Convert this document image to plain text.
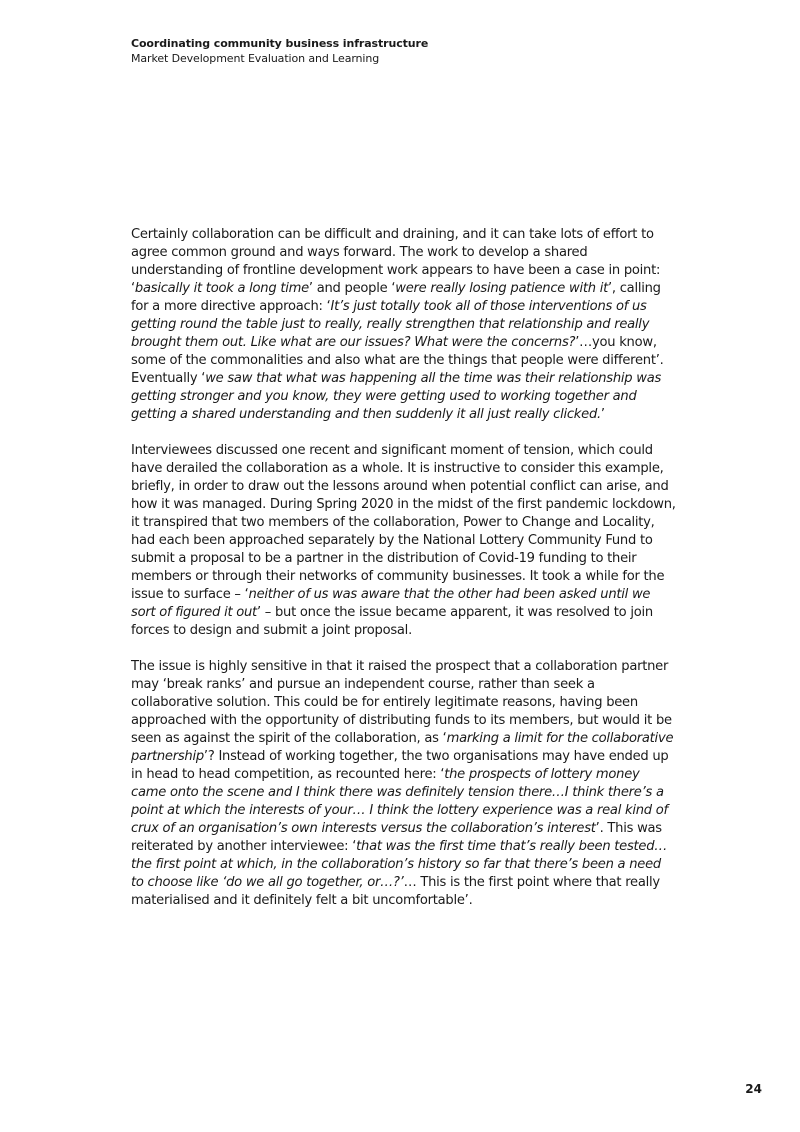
Coordinating community business infrastructure
Market Development Evaluation and Learning

Certainly collaboration can be difficult and draining, and it can take lots of effort to agree common ground and ways forward. The work to develop a shared understanding of frontline development work appears to have been a case in point: ‘basically it took a long time’ and people ‘were really losing patience with it’, calling for a more directive approach: ‘It’s just totally took all of those interventions of us getting round the table just to really, really strengthen that relationship and really brought them out. Like what are our issues? What were the concerns?’…you know, some of the commonalities and also what are the things that people were different’. Eventually ‘we saw that what was happening all the time was their relationship was getting stronger and you know, they were getting used to working together and getting a shared understanding and then suddenly it all just really clicked.’

Interviewees discussed one recent and significant moment of tension, which could have derailed the collaboration as a whole. It is instructive to consider this example, briefly, in order to draw out the lessons around when potential conflict can arise, and how it was managed. During Spring 2020 in the midst of the first pandemic lockdown, it transpired that two members of the collaboration, Power to Change and Locality, had each been approached separately by the National Lottery Community Fund to submit a proposal to be a partner in the distribution of Covid-19 funding to their members or through their networks of community businesses. It took a while for the issue to surface – ‘neither of us was aware that the other had been asked until we sort of figured it out’ – but once the issue became apparent, it was resolved to join forces to design and submit a joint proposal.

The issue is highly sensitive in that it raised the prospect that a collaboration partner may ‘break ranks’ and pursue an independent course, rather than seek a collaborative solution. This could be for entirely legitimate reasons, having been approached with the opportunity of distributing funds to its members, but would it be seen as against the spirit of the collaboration, as ‘marking a limit for the collaborative partnership’? Instead of working together, the two organisations may have ended up in head to head competition, as recounted here: ‘the prospects of lottery money came onto the scene and I think there was definitely tension there…I think there’s a point at which the interests of your… I think the lottery experience was a real kind of crux of an organisation’s own interests versus the collaboration’s interest’. This was reiterated by another interviewee: ‘that was the first time that’s really been tested…the first point at which, in the collaboration’s history so far that there’s been a need to choose like ‘do we all go together, or…?’… This is the first point where that really materialised and it definitely felt a bit uncomfortable’.

24
